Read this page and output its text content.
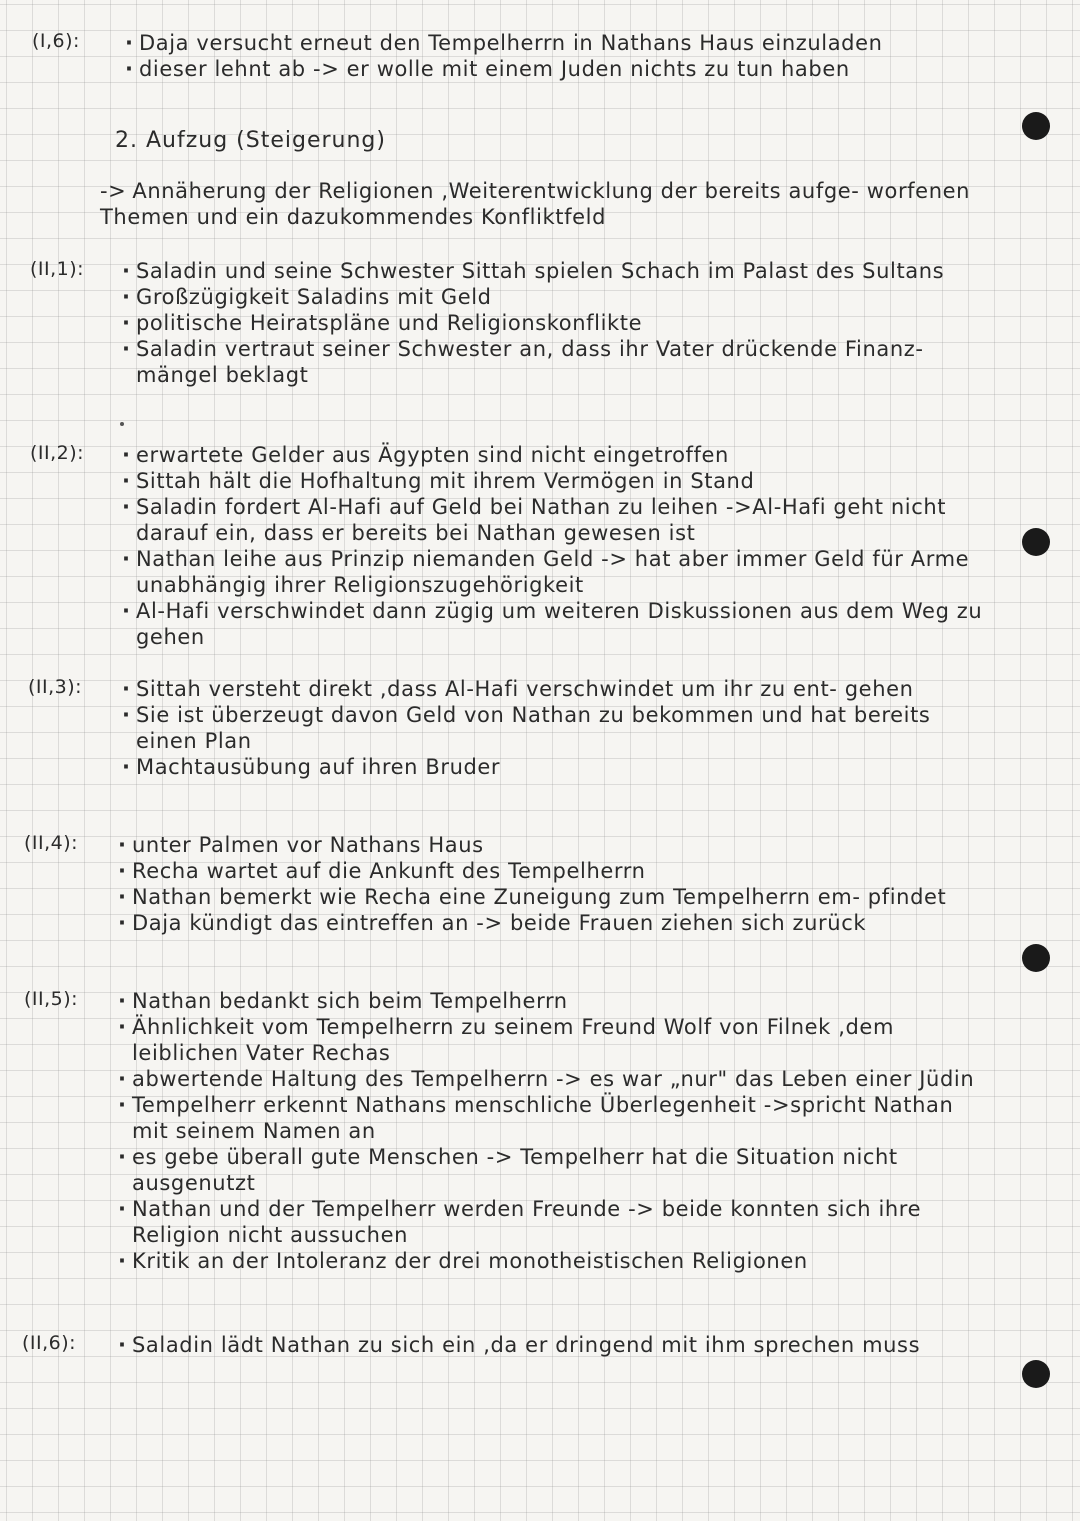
(I,6):	· Daja versucht erneut den Tempelherrn in Nathans Haus einzuladen
· dieser lehnt ab -> er wolle mit einem Juden nichts zu tun haben
2. Aufzug (Steigerung)
-> Annäherung der Religionen ,Weiterentwicklung der bereits aufge- worfenen Themen und ein dazukommendes Konfliktfeld
(II,1):	· Saladin und seine Schwester Sittah spielen Schach im Palast des Sultans
· Großzügigkeit Saladins mit Geld
· politische Heiratspläne und Religionskonflikte
· Saladin vertraut seiner Schwester an, dass ihr Vater drückende Finanz- mängel beklagt
(II,2):	· erwartete Gelder aus Ägypten sind nicht eingetroffen
· Sittah hält die Hofhaltung mit ihrem Vermögen in Stand
· Saladin fordert Al-Hafi auf Geld bei Nathan zu leihen ->Al-Hafi geht nicht darauf ein, dass er bereits bei Nathan gewesen ist
· Nathan leihe aus Prinzip niemanden Geld -> hat aber immer Geld für Arme unabhängig ihrer Religionszugehörigkeit
· Al-Hafi verschwindet dann zügig um weiteren Diskussionen aus dem Weg zu gehen
(II,3):	· Sittah versteht direkt ,dass Al-Hafi verschwindet um ihr zu ent- gehen
· Sie ist überzeugt davon Geld von Nathan zu bekommen und hat bereits einen Plan
· Machtausübung auf ihren Bruder
(II,4):	· unter Palmen vor Nathans Haus
· Recha wartet auf die Ankunft des Tempelherrn
· Nathan bemerkt wie Recha eine Zuneigung zum Tempelherrn em- pfindet
· Daja kündigt das eintreffen an -> beide Frauen ziehen sich zurück
(II,5):	· Nathan bedankt sich beim Tempelherrn
· Ähnlichkeit vom Tempelherrn zu seinem Freund Wolf von Filnek ,dem leiblichen Vater Rechas
· abwertende Haltung des Tempelherrn -> es war „nur" das Leben einer Jüdin
· Tempelherr erkennt Nathans menschliche Überlegenheit ->spricht Nathan mit seinem Namen an
· es gebe überall gute Menschen -> Tempelherr hat die Situation nicht ausgenutzt
· Nathan und der Tempelherr werden Freunde -> beide konnten sich ihre Religion nicht aussuchen
· Kritik an der Intoleranz der drei monotheistischen Religionen
(II,6):	· Saladin lädt Nathan zu sich ein ,da er dringend mit ihm sprechen muss
